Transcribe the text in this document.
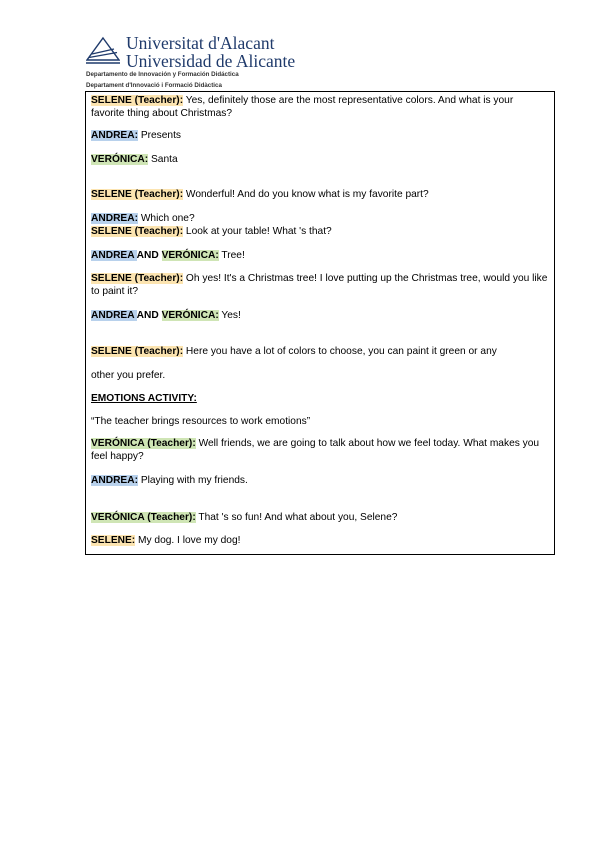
Universitat d'Alacant
Universidad de Alicante
Departamento de Innovación y Formación Didáctica
Departament d'Innovació i Formació Didàctica
SELENE (Teacher): Yes, definitely those are the most representative colors. And what is your favorite thing about Christmas?
ANDREA: Presents
VERÓNICA: Santa
SELENE (Teacher): Wonderful! And do you know what is my favorite part?
ANDREA: Which one?
SELENE (Teacher): Look at your table! What 's that?
ANDREA AND VERÓNICA: Tree!
SELENE (Teacher): Oh yes! It's a Christmas tree! I love putting up the Christmas tree, would you like to paint it?
ANDREA AND VERÓNICA: Yes!
SELENE (Teacher): Here you have a lot of colors to choose, you can paint it green or any
other you prefer.
EMOTIONS ACTIVITY:
“The teacher brings resources to work emotions”
VERÓNICA (Teacher): Well friends, we are going to talk about how we feel today. What makes you feel happy?
ANDREA: Playing with my friends.
VERÓNICA (Teacher): That 's so fun! And what about you, Selene?
SELENE: My dog. I love my dog!
